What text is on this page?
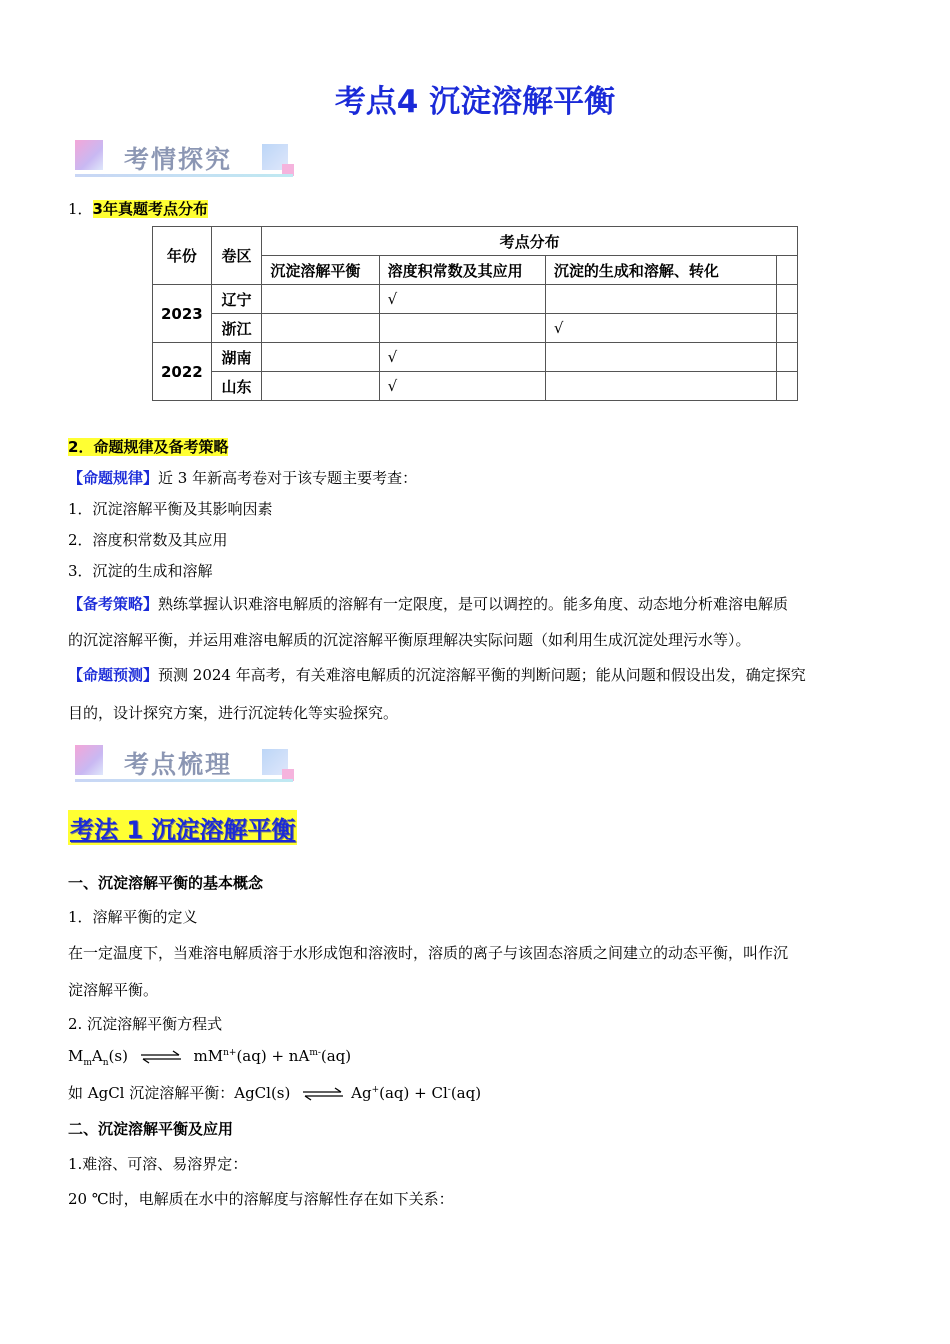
考点4 沉淀溶解平衡
考情探究
1．3年真题考点分布
年份	卷区	考点分布			
		沉淀溶解平衡	溶度积常数及其应用	沉淀的生成和溶解、转化	
2023	辽宁		√		
	浙江			√	
2022	湖南		√		
	山东		√		
2．命题规律及备考策略
【命题规律】近 3 年新高考卷对于该专题主要考查：
1．沉淀溶解平衡及其影响因素
2．溶度积常数及其应用
3．沉淀的生成和溶解
【备考策略】熟练掌握认识难溶电解质的溶解有一定限度，是可以调控的。能多角度、动态地分析难溶电解质
的沉淀溶解平衡，并运用难溶电解质的沉淀溶解平衡原理解决实际问题（如利用生成沉淀处理污水等）。
【命题预测】预测 2024 年高考，有关难溶电解质的沉淀溶解平衡的判断问题；能从问题和假设出发，确定探究
目的，设计探究方案，进行沉淀转化等实验探究。
考点梳理
考法 1 沉淀溶解平衡
一、沉淀溶解平衡的基本概念
1．溶解平衡的定义
在一定温度下，当难溶电解质溶于水形成饱和溶液时，溶质的离子与该固态溶质之间建立的动态平衡，叫作沉
淀溶解平衡。
2. 沉淀溶解平衡方程式
$M_mA_n(s)$ ⇌ $mM^{n+}(aq) + nA^{m-}(aq)$
如 AgCl 沉淀溶解平衡：AgCl(s) ⇌ Ag+(aq) + Cl-(aq)
二、沉淀溶解平衡及应用
1.难溶、可溶、易溶界定：
20 ℃时，电解质在水中的溶解度与溶解性存在如下关系：
